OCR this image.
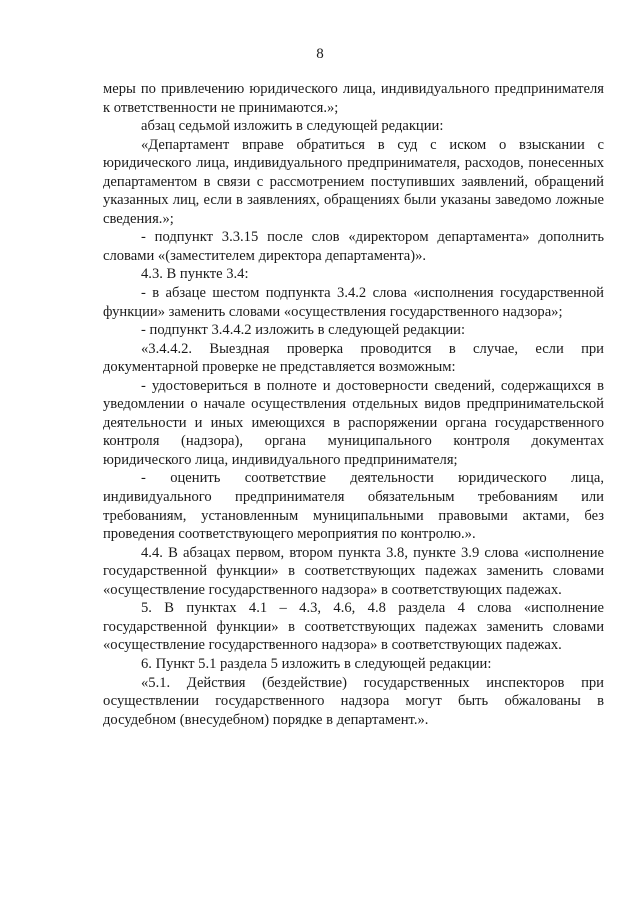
8

меры по привлечению юридического лица, индивидуального предпринимателя к ответственности не принимаются.»;

абзац седьмой изложить в следующей редакции:

«Департамент вправе обратиться в суд с иском о взыскании с юридического лица, индивидуального предпринимателя, расходов, понесенных департаментом в связи с рассмотрением поступивших заявлений, обращений указанных лиц, если в заявлениях, обращениях были указаны заведомо ложные сведения.»;

- подпункт 3.3.15 после слов «директором департамента» дополнить словами «(заместителем директора департамента)».

4.3. В пункте 3.4:

- в абзаце шестом подпункта 3.4.2 слова «исполнения государственной функции» заменить словами «осуществления государственного надзора»;

- подпункт 3.4.4.2 изложить в следующей редакции:

«3.4.4.2. Выездная проверка проводится в случае, если при документарной проверке не представляется возможным:

- удостовериться в полноте и достоверности сведений, содержащихся в уведомлении о начале осуществления отдельных видов предпринимательской деятельности и иных имеющихся в распоряжении органа государственного контроля (надзора), органа муниципального контроля документах юридического лица, индивидуального предпринимателя;

- оценить соответствие деятельности юридического лица, индивидуального предпринимателя обязательным требованиям или требованиям, установленным муниципальными правовыми актами, без проведения соответствующего мероприятия по контролю.».

4.4. В абзацах первом, втором пункта 3.8, пункте 3.9 слова «исполнение государственной функции» в соответствующих падежах заменить словами «осуществление государственного надзора» в соответствующих падежах.

5. В пунктах 4.1 – 4.3, 4.6, 4.8 раздела 4 слова «исполнение государственной функции» в соответствующих падежах заменить словами «осуществление государственного надзора» в соответствующих падежах.

6. Пункт 5.1 раздела 5 изложить в следующей редакции:

«5.1. Действия (бездействие) государственных инспекторов при осуществлении государственного надзора могут быть обжалованы в досудебном (внесудебном) порядке в департамент.».
